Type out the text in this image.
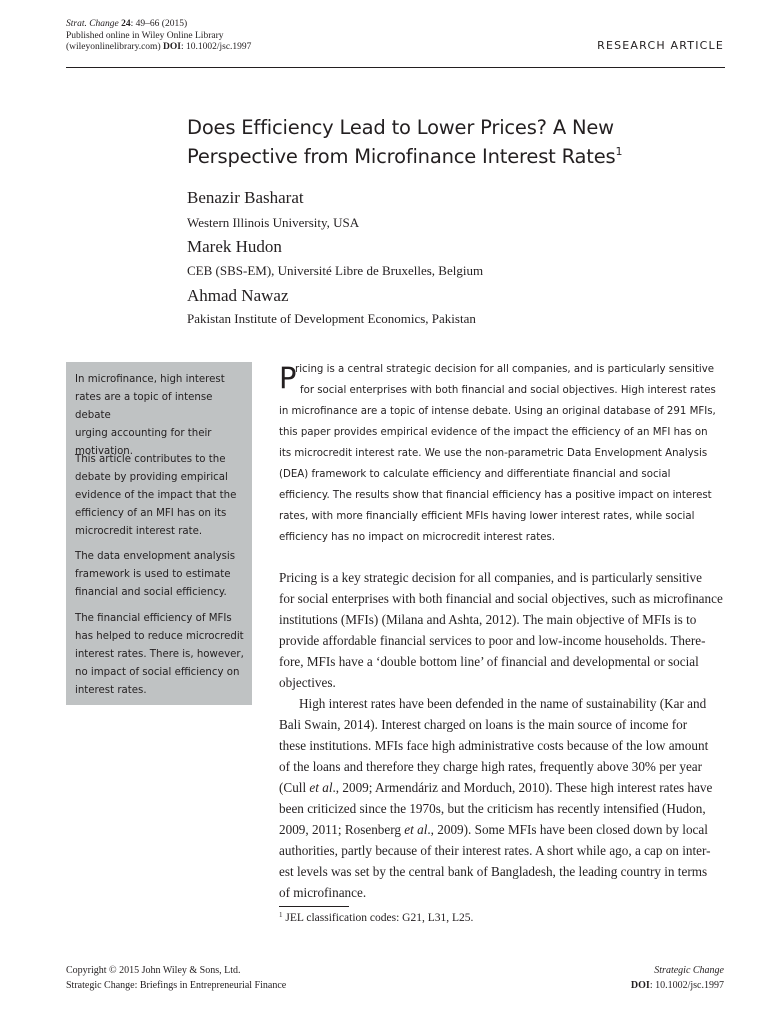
Strat. Change 24: 49–66 (2015)
Published online in Wiley Online Library
(wileyonlinelibrary.com) DOI: 10.1002/jsc.1997	RESEARCH ARTICLE
Does Efficiency Lead to Lower Prices? A New
Perspective from Microfinance Interest Rates$^1$
Benazir Basharat
Western Illinois University, USA
Marek Hudon
CEB (SBS-EM), Université Libre de Bruxelles, Belgium
Ahmad Nawaz
Pakistan Institute of Development Economics, Pakistan
In microfinance, high interest
rates are a topic of intense debate
urging accounting for their
motivation.
This article contributes to the
debate by providing empirical
evidence of the impact that the
efficiency of an MFI has on its
microcredit interest rate.
The data envelopment analysis
framework is used to estimate
financial and social efficiency.
The financial efficiency of MFIs
has helped to reduce microcredit
interest rates. There is, however,
no impact of social efficiency on
interest rates.
P
ricing is a central strategic decision for all companies, and is particularly sensitive
for social enterprises with both financial and social objectives. High interest rates
in microfinance are a topic of intense debate. Using an original database of 291 MFIs,
this paper provides empirical evidence of the impact the efficiency of an MFI has on
its microcredit interest rate. We use the non-parametric Data Envelopment Analysis
(DEA) framework to calculate efficiency and differentiate financial and social
efficiency. The results show that financial efficiency has a positive impact on interest
rates, with more financially efficient MFIs having lower interest rates, while social
efficiency has no impact on microcredit interest rates.
Pricing is a key strategic decision for all companies, and is particularly sensitive
for social enterprises with both financial and social objectives, such as microfinance
institutions (MFIs) (Milana and Ashta, 2012). The main objective of MFIs is to
provide affordable financial services to poor and low-income households. There-
fore, MFIs have a ‘double bottom line’ of financial and developmental or social
objectives.
High interest rates have been defended in the name of sustainability (Kar and
Bali Swain, 2014). Interest charged on loans is the main source of income for
these institutions. MFIs face high administrative costs because of the low amount
of the loans and therefore they charge high rates, frequently above 30% per year
(Cull et al., 2009; Armendáriz and Morduch, 2010). These high interest rates have
been criticized since the 1970s, but the criticism has recently intensified (Hudon,
2009, 2011; Rosenberg et al., 2009). Some MFIs have been closed down by local
authorities, partly because of their interest rates. A short while ago, a cap on inter-
est levels was set by the central bank of Bangladesh, the leading country in terms
of microfinance.
$^1$ JEL classification codes: G21, L31, L25.
Copyright © 2015 John Wiley & Sons, Ltd.
Strategic Change: Briefings in Entrepreneurial Finance
Strategic Change
DOI: 10.1002/jsc.1997
